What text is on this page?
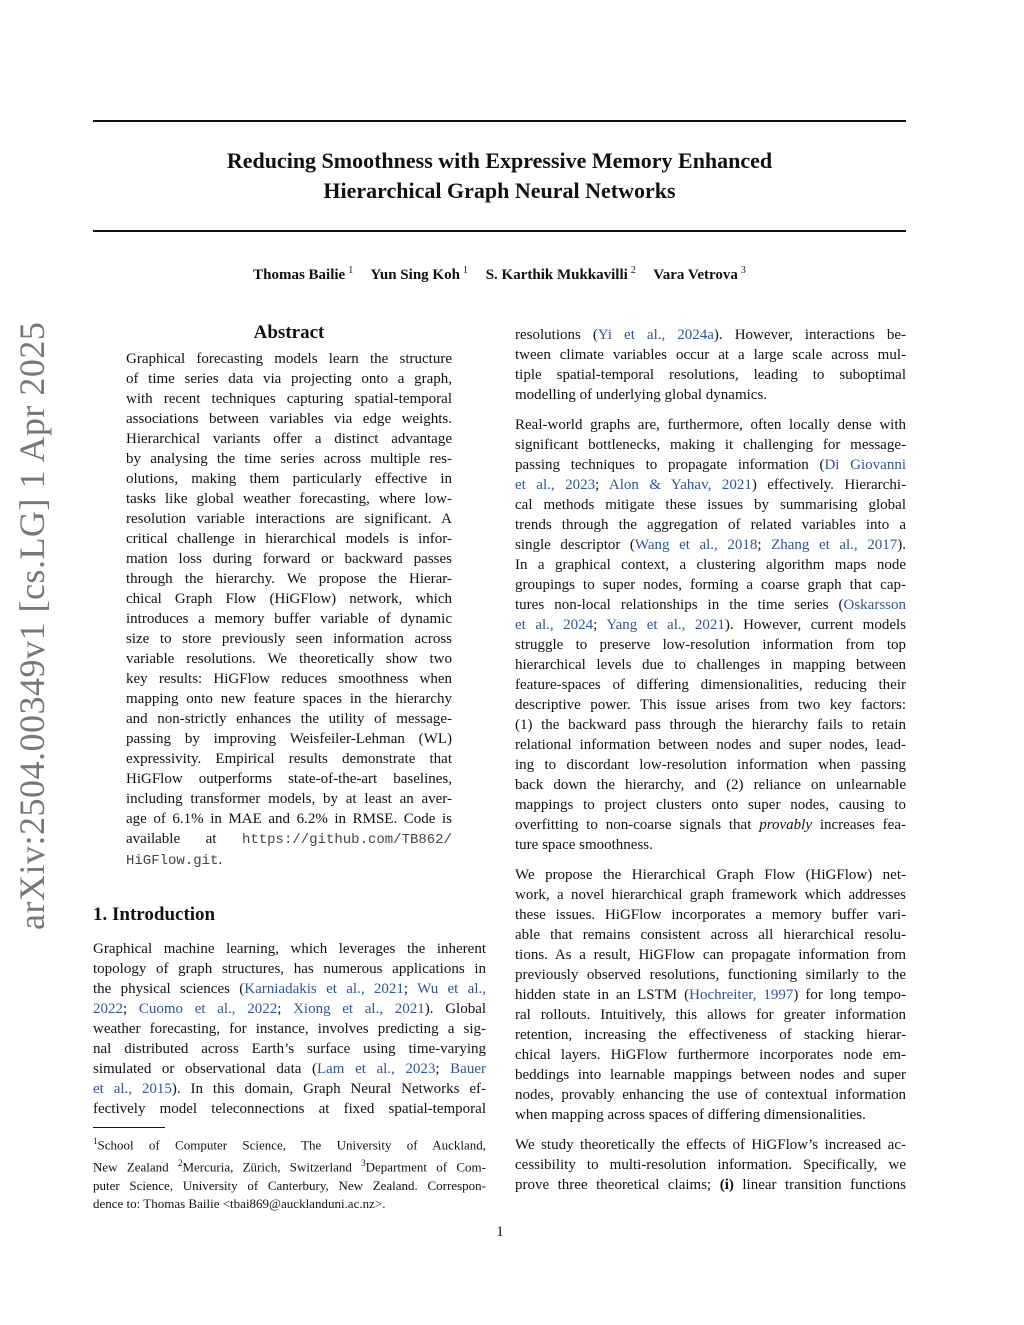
arXiv:2504.00349v1 [cs.LG] 1 Apr 2025
Reducing Smoothness with Expressive Memory Enhanced
Hierarchical Graph Neural Networks
Thomas Bailie $^1$ Yun Sing Koh $^1$ S. Karthik Mukkavilli $^2$ Vara Vetrova $^3$
Abstract
Graphical forecasting models learn the structure
of time series data via projecting onto a graph,
with recent techniques capturing spatial-temporal
associations between variables via edge weights.
Hierarchical variants offer a distinct advantage
by analysing the time series across multiple res-
olutions, making them particularly effective in
tasks like global weather forecasting, where low-
resolution variable interactions are significant. A
critical challenge in hierarchical models is infor-
mation loss during forward or backward passes
through the hierarchy. We propose the Hierar-
chical Graph Flow (HiGFlow) network, which
introduces a memory buffer variable of dynamic
size to store previously seen information across
variable resolutions. We theoretically show two
key results: HiGFlow reduces smoothness when
mapping onto new feature spaces in the hierarchy
and non-strictly enhances the utility of message-
passing by improving Weisfeiler-Lehman (WL)
expressivity. Empirical results demonstrate that
HiGFlow outperforms state-of-the-art baselines,
including transformer models, by at least an aver-
age of 6.1% in MAE and 6.2% in RMSE. Code is
available at https://github.com/TB862/
HiGFlow.git.
1. Introduction
Graphical machine learning, which leverages the inherent
topology of graph structures, has numerous applications in
the physical sciences (Karniadakis et al., 2021; Wu et al.,
2022; Cuomo et al., 2022; Xiong et al., 2021). Global
weather forecasting, for instance, involves predicting a sig-
nal distributed across Earth’s surface using time-varying
simulated or observational data (Lam et al., 2023; Bauer
et al., 2015). In this domain, Graph Neural Networks ef-
fectively model teleconnections at fixed spatial-temporal
$^1$School of Computer Science, The University of Auckland,
New Zealand $^2$Mercuria, Zürich, Switzerland $^3$Department of Com-
puter Science, University of Canterbury, New Zealand. Correspon-
dence to: Thomas Bailie <tbai869@aucklanduni.ac.nz>.
resolutions (Yi et al., 2024a). However, interactions be-
tween climate variables occur at a large scale across mul-
tiple spatial-temporal resolutions, leading to suboptimal
modelling of underlying global dynamics.
Real-world graphs are, furthermore, often locally dense with
significant bottlenecks, making it challenging for message-
passing techniques to propagate information (Di Giovanni
et al., 2023; Alon & Yahav, 2021) effectively. Hierarchi-
cal methods mitigate these issues by summarising global
trends through the aggregation of related variables into a
single descriptor (Wang et al., 2018; Zhang et al., 2017).
In a graphical context, a clustering algorithm maps node
groupings to super nodes, forming a coarse graph that cap-
tures non-local relationships in the time series (Oskarsson
et al., 2024; Yang et al., 2021). However, current models
struggle to preserve low-resolution information from top
hierarchical levels due to challenges in mapping between
feature-spaces of differing dimensionalities, reducing their
descriptive power. This issue arises from two key factors:
(1) the backward pass through the hierarchy fails to retain
relational information between nodes and super nodes, lead-
ing to discordant low-resolution information when passing
back down the hierarchy, and (2) reliance on unlearnable
mappings to project clusters onto super nodes, causing to
overfitting to non-coarse signals that provably increases fea-
ture space smoothness.
We propose the Hierarchical Graph Flow (HiGFlow) net-
work, a novel hierarchical graph framework which addresses
these issues. HiGFlow incorporates a memory buffer vari-
able that remains consistent across all hierarchical resolu-
tions. As a result, HiGFlow can propagate information from
previously observed resolutions, functioning similarly to the
hidden state in an LSTM (Hochreiter, 1997) for long tempo-
ral rollouts. Intuitively, this allows for greater information
retention, increasing the effectiveness of stacking hierar-
chical layers. HiGFlow furthermore incorporates node em-
beddings into learnable mappings between nodes and super
nodes, provably enhancing the use of contextual information
when mapping across spaces of differing dimensionalities.
We study theoretically the effects of HiGFlow’s increased ac-
cessibility to multi-resolution information. Specifically, we
prove three theoretical claims; (i) linear transition functions
1
